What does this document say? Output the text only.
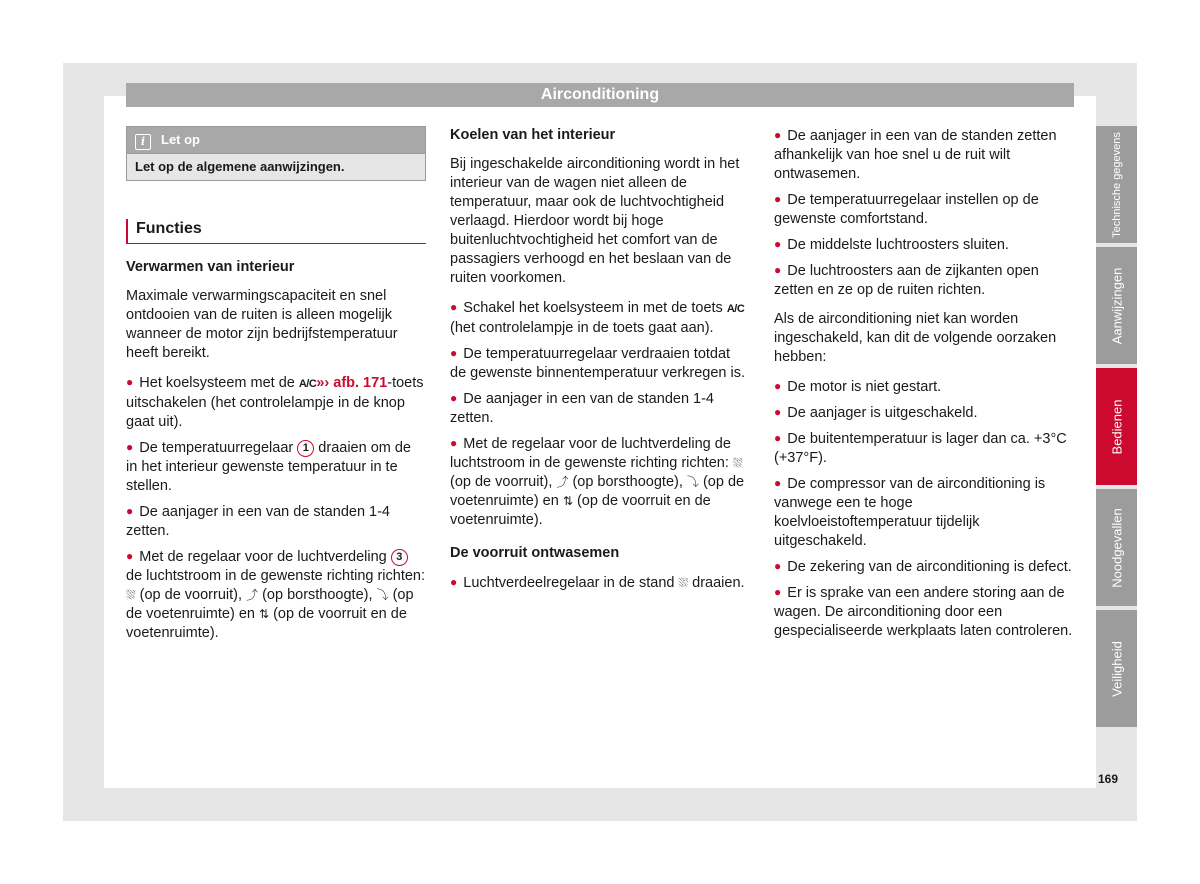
Airconditioning
i Let op
Let op de algemene aanwijzingen.
Functies

Verwarmen van interieur

Maximale verwarmingscapaciteit en snel ontdooien van de ruiten is alleen mogelijk wanneer de motor zijn bedrijfstemperatuur heeft bereikt.

● Het koelsysteem met de A/C»› afb. 171-toets uitschakelen (het controlelampje in de knop gaat uit).

● De temperatuurregelaar 1 draaien om de in het interieur gewenste temperatuur in te stellen.

● De aanjager in een van de standen 1-4 zetten.

● Met de regelaar voor de luchtverdeling 3 de luchtstroom in de gewenste richting richten: ⛆ (op de voorruit), ⤴ (op borsthoogte), ⤵ (op de voetenruimte) en ⇅ (op de voorruit en de voetenruimte).

Koelen van het interieur

Bij ingeschakelde airconditioning wordt in het interieur van de wagen niet alleen de temperatuur, maar ook de luchtvochtigheid verlaagd. Hierdoor wordt bij hoge buitenluchtvochtigheid het comfort van de passagiers verhoogd en het beslaan van de ruiten voorkomen.

● Schakel het koelsysteem in met de toets A/C (het controlelampje in de toets gaat aan).

● De temperatuurregelaar verdraaien totdat de gewenste binnentemperatuur verkregen is.

● De aanjager in een van de standen 1-4 zetten.

● Met de regelaar voor de luchtverdeling de luchtstroom in de gewenste richting richten: ⛆ (op de voorruit), ⤴ (op borsthoogte), ⤵ (op de voetenruimte) en ⇅ (op de voorruit en de voetenruimte).

De voorruit ontwasemen

● Luchtverdeelregelaar in de stand ⛆ draaien.

● De aanjager in een van de standen zetten afhankelijk van hoe snel u de ruit wilt ontwasemen.

● De temperatuurregelaar instellen op de gewenste comfortstand.

● De middelste luchtroosters sluiten.

● De luchtroosters aan de zijkanten open zetten en ze op de ruiten richten.

Als de airconditioning niet kan worden ingeschakeld, kan dit de volgende oorzaken hebben:

● De motor is niet gestart.

● De aanjager is uitgeschakeld.

● De buitentemperatuur is lager dan ca. +3°C (+37°F).

● De compressor van de airconditioning is vanwege een te hoge koelvloeistoftemperatuur tijdelijk uitgeschakeld.

● De zekering van de airconditioning is defect.

● Er is sprake van een andere storing aan de wagen. De airconditioning door een gespecialiseerde werkplaats laten controleren.

Technische gegevens
Aanwijzingen
Bedienen
Noodgevallen
Veiligheid
169
